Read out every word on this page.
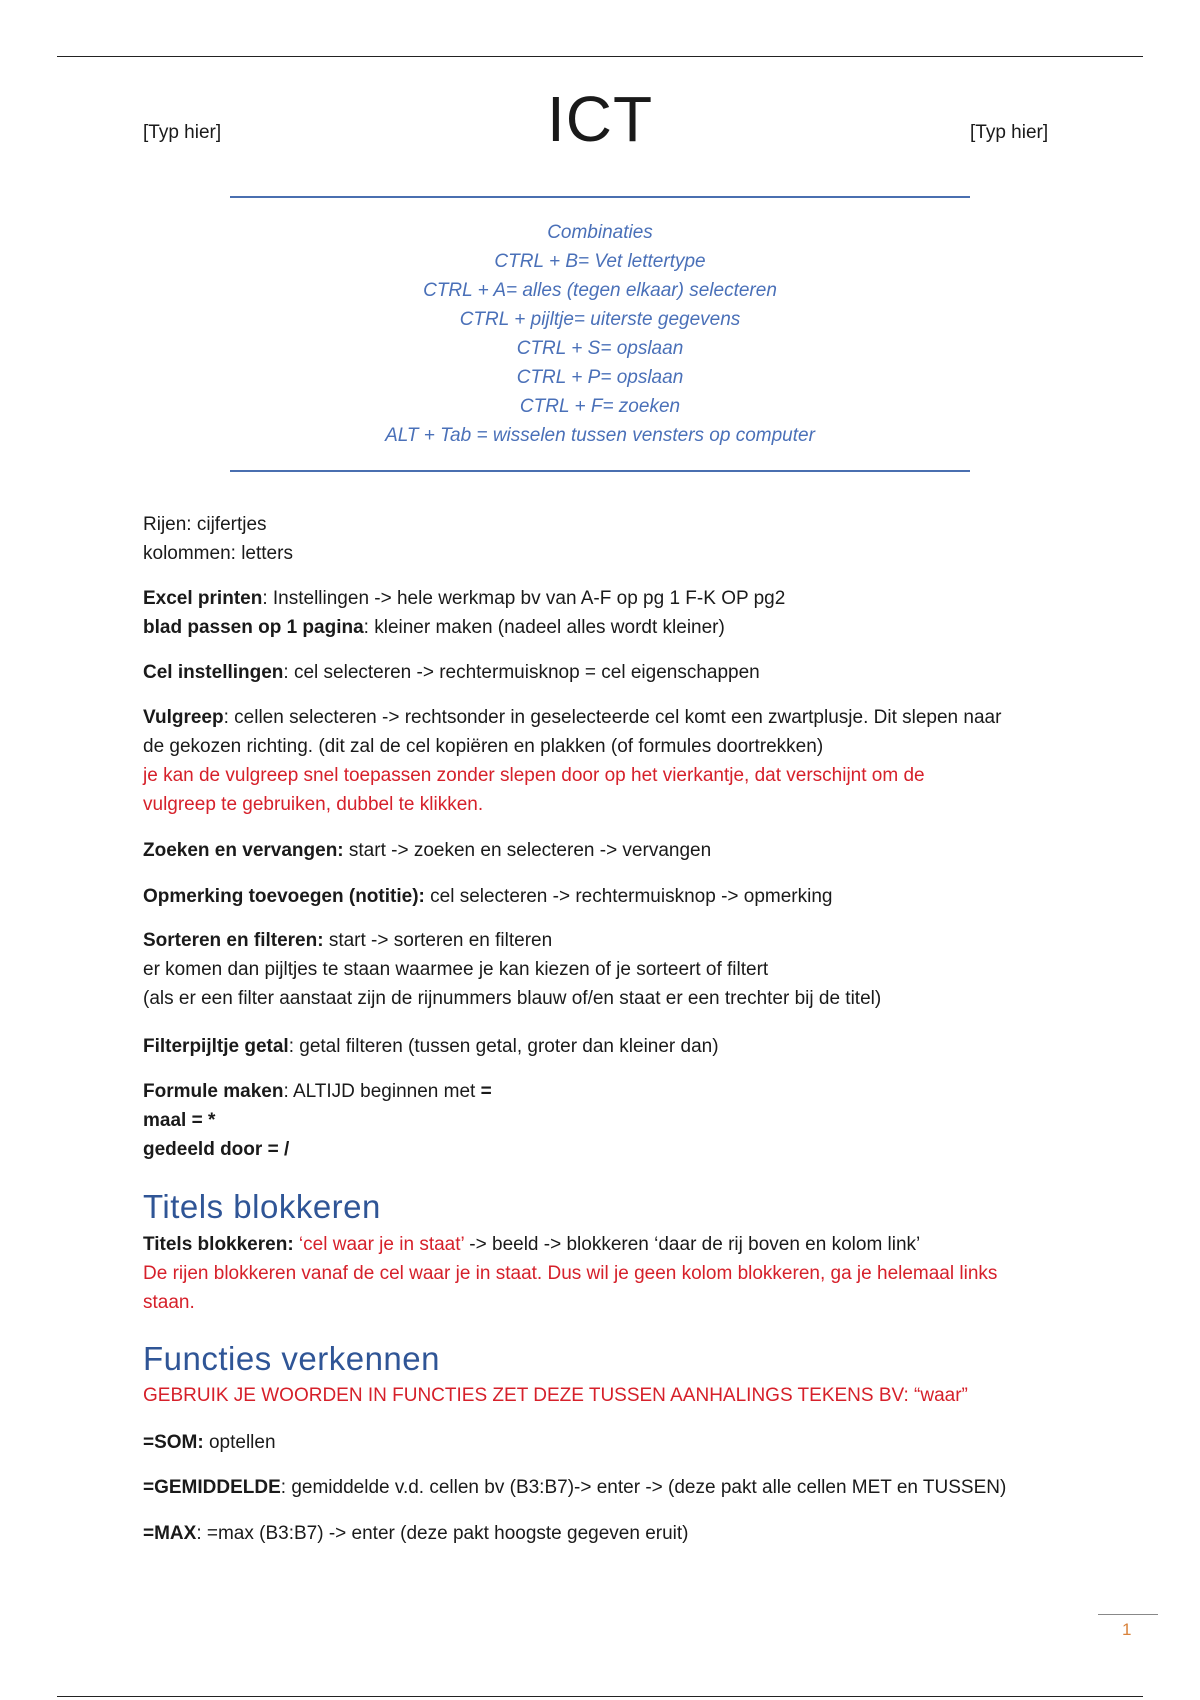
[Typ hier]	ICT	[Typ hier]
Combinaties
CTRL + B= Vet lettertype
CTRL + A= alles (tegen elkaar) selecteren
CTRL + pijltje= uiterste gegevens
CTRL + S= opslaan
CTRL + P= opslaan
CTRL + F= zoeken
ALT + Tab = wisselen tussen vensters op computer

Rijen: cijfertjes

kolommen: letters

Excel printen: Instellingen -> hele werkmap bv van A-F op pg 1 F-K OP pg2

blad passen op 1 pagina: kleiner maken (nadeel alles wordt kleiner)

Cel instellingen: cel selecteren -> rechtermuisknop = cel eigenschappen

Vulgreep: cellen selecteren -> rechtsonder in geselecteerde cel komt een zwartplusje. Dit slepen naar

de gekozen richting. (dit zal de cel kopiëren en plakken (of formules doortrekken)

je kan de vulgreep snel toepassen zonder slepen door op het vierkantje, dat verschijnt om de

vulgreep te gebruiken, dubbel te klikken.

Zoeken en vervangen: start -> zoeken en selecteren -> vervangen

Opmerking toevoegen (notitie): cel selecteren -> rechtermuisknop -> opmerking

Sorteren en filteren: start -> sorteren en filteren

er komen dan pijltjes te staan waarmee je kan kiezen of je sorteert of filtert

(als er een filter aanstaat zijn de rijnummers blauw of/en staat er een trechter bij de titel)

Filterpijltje getal: getal filteren (tussen getal, groter dan kleiner dan)

Formule maken: ALTIJD beginnen met =

maal = *

gedeeld door = /

Titels blokkeren

Titels blokkeren: ‘cel waar je in staat’ -> beeld -> blokkeren ‘daar de rij boven en kolom link’

De rijen blokkeren vanaf de cel waar je in staat. Dus wil je geen kolom blokkeren, ga je helemaal links

staan.

Functies verkennen

GEBRUIK JE WOORDEN IN FUNCTIES ZET DEZE TUSSEN AANHALINGS TEKENS BV: “waar”

=SOM: optellen

=GEMIDDELDE: gemiddelde v.d. cellen bv (B3:B7)-> enter -> (deze pakt alle cellen MET en TUSSEN)

=MAX: =max (B3:B7) -> enter (deze pakt hoogste gegeven eruit)

1
